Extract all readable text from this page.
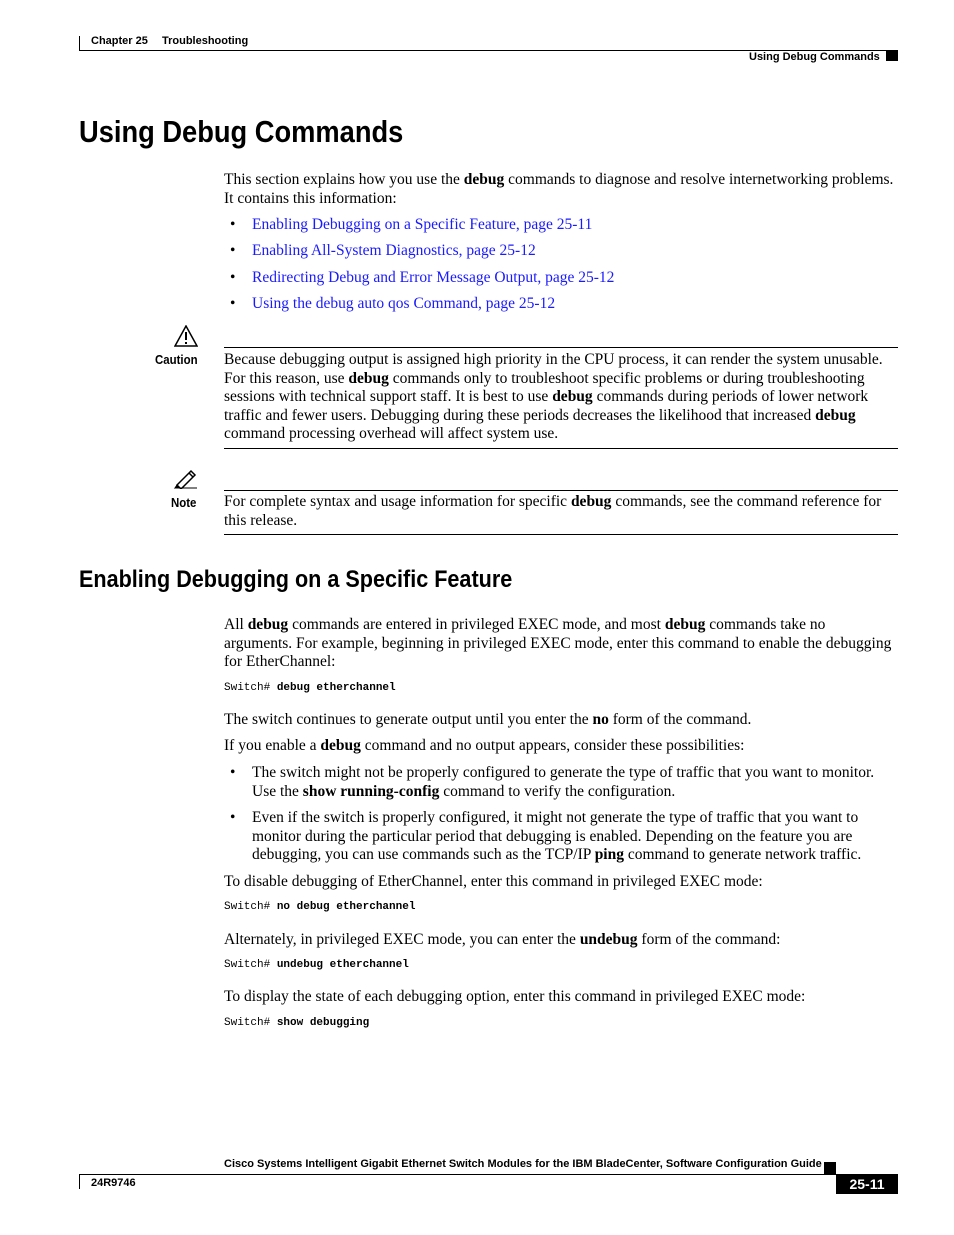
Chapter 25 Troubleshooting
Using Debug Commands
Using Debug Commands
This section explains how you use the debug commands to diagnose and resolve internetworking problems. It contains this information:
• Enabling Debugging on a Specific Feature, page 25-11
• Enabling All-System Diagnostics, page 25-12
• Redirecting Debug and Error Message Output, page 25-12
• Using the debug auto qos Command, page 25-12
Caution Because debugging output is assigned high priority in the CPU process, it can render the system unusable. For this reason, use debug commands only to troubleshoot specific problems or during troubleshooting sessions with technical support staff. It is best to use debug commands during periods of lower network traffic and fewer users. Debugging during these periods decreases the likelihood that increased debug command processing overhead will affect system use.
Note For complete syntax and usage information for specific debug commands, see the command reference for this release.
Enabling Debugging on a Specific Feature
All debug commands are entered in privileged EXEC mode, and most debug commands take no arguments. For example, beginning in privileged EXEC mode, enter this command to enable the debugging for EtherChannel:
Switch# debug etherchannel
The switch continues to generate output until you enter the no form of the command.
If you enable a debug command and no output appears, consider these possibilities:
• The switch might not be properly configured to generate the type of traffic that you want to monitor. Use the show running-config command to verify the configuration.
• Even if the switch is properly configured, it might not generate the type of traffic that you want to monitor during the particular period that debugging is enabled. Depending on the feature you are debugging, you can use commands such as the TCP/IP ping command to generate network traffic.
To disable debugging of EtherChannel, enter this command in privileged EXEC mode:
Switch# no debug etherchannel
Alternately, in privileged EXEC mode, you can enter the undebug form of the command:
Switch# undebug etherchannel
To display the state of each debugging option, enter this command in privileged EXEC mode:
Switch# show debugging
Cisco Systems Intelligent Gigabit Ethernet Switch Modules for the IBM BladeCenter, Software Configuration Guide
24R9746	25-11
